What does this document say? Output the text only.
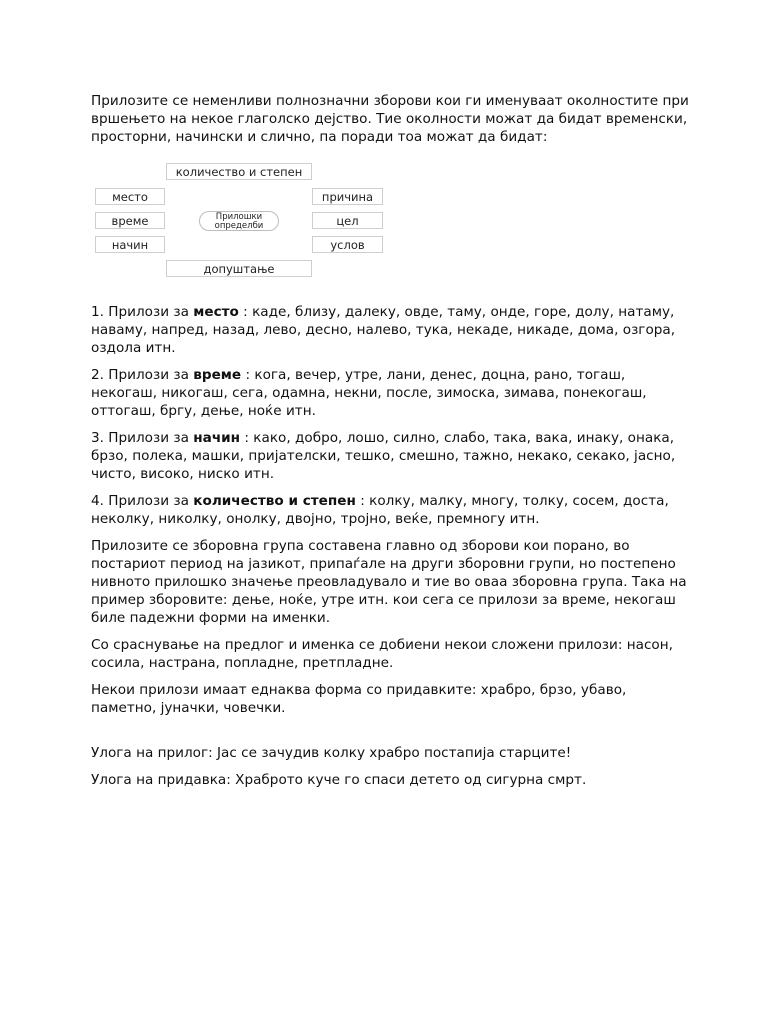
Прилозите се неменливи полнозначни зборови кои ги именуваат околностите при вршењето на некое глаголско дејство. Тие околности можат да бидат временски, просторни, начински и слично, па поради тоа можат да бидат:

количество и степен
место
време
начин
Прилошки
определби
причина
цел
услов
допуштање

1. Прилози за место : каде, близу, далеку, овде, таму, онде, горе, долу, натаму, наваму, напред, назад, лево, десно, налево, тука, некаде, никаде, дома, озгора, оздола итн.

2. Прилози за време : кога, вечер, утре, лани, денес, доцна, рано, тогаш, некогаш, никогаш, сега, одамна, некни, после, зимоска, зимава, понекогаш, оттогаш, бргу, дење, ноќе итн.

3. Прилози за начин : како, добро, лошо, силно, слабо, така, вака, инаку, онака, брзо, полека, машки, пријателски, тешко, смешно, тажно, некако, секако, јасно, чисто, високо, ниско итн.

4. Прилози за количество и степен : колку, малку, многу, толку, сосем, доста, неколку, николку, онолку, двојно, тројно, веќе, премногу итн.

Прилозите се зборовна група составена главно од зборови кои порано, во постариот период на јазикот, припаѓале на други зборовни групи, но постепено нивното прилошко значење преовладувало и тие во оваа зборовна група. Така на пример зборовите: дење, ноќе, утре итн. кои сега се прилози за време, некогаш биле падежни форми на именки.

Со сраснување на предлог и именка се добиени некои сложени прилози: насон, сосила, настрана, попладне, претпладне.

Некои прилози имаат еднаква форма со придавките: храбро, брзо, убаво, паметно, јуначки, човечки.

Улога на прилог: Јас се зачудив колку храбро постапија старците!

Улога на придавка: Храброто куче го спаси детето од сигурна смрт.
